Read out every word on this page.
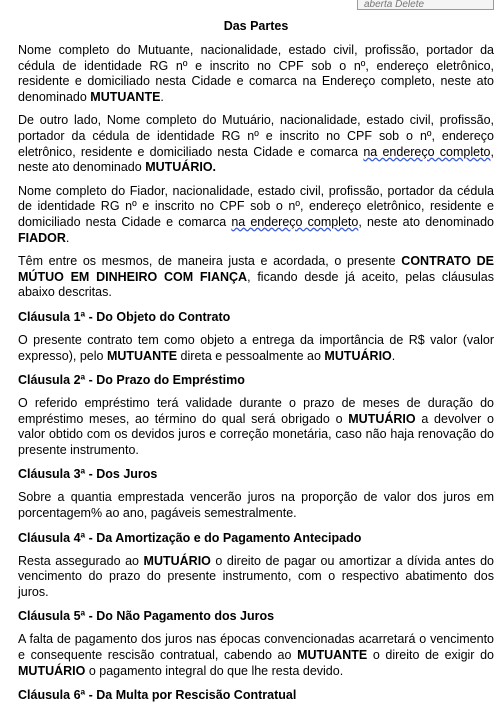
aberta Delete
Das Partes

Nome completo do Mutuante, nacionalidade, estado civil, profissão, portador da cédula de identidade RG nº e inscrito no CPF sob o nº, endereço eletrônico, residente e domiciliado nesta Cidade e comarca na Endereço completo, neste ato denominado MUTUANTE.

De outro lado, Nome completo do Mutuário, nacionalidade, estado civil, profissão, portador da cédula de identidade RG nº e inscrito no CPF sob o nº, endereço eletrônico, residente e domiciliado nesta Cidade e comarca na endereço completo, neste ato denominado MUTUÁRIO.

Nome completo do Fiador, nacionalidade, estado civil, profissão, portador da cédula de identidade RG nº e inscrito no CPF sob o nº, endereço eletrônico, residente e domiciliado nesta Cidade e comarca na endereço completo, neste ato denominado FIADOR.

Têm entre os mesmos, de maneira justa e acordada, o presente CONTRATO DE MÚTUO EM DINHEIRO COM FIANÇA, ficando desde já aceito, pelas cláusulas abaixo descritas.

Cláusula 1ª - Do Objeto do Contrato

O presente contrato tem como objeto a entrega da importância de R$ valor (valor expresso), pelo MUTUANTE direta e pessoalmente ao MUTUÁRIO.

Cláusula 2ª - Do Prazo do Empréstimo

O referido empréstimo terá validade durante o prazo de meses de duração do empréstimo meses, ao término do qual será obrigado o MUTUÁRIO a devolver o valor obtido com os devidos juros e correção monetária, caso não haja renovação do presente instrumento.

Cláusula 3ª - Dos Juros

Sobre a quantia emprestada vencerão juros na proporção de valor dos juros em porcentagem% ao ano, pagáveis semestralmente.

Cláusula 4ª - Da Amortização e do Pagamento Antecipado

Resta assegurado ao MUTUÁRIO o direito de pagar ou amortizar a dívida antes do vencimento do prazo do presente instrumento, com o respectivo abatimento dos juros.

Cláusula 5ª - Do Não Pagamento dos Juros

A falta de pagamento dos juros nas épocas convencionadas acarretará o vencimento e consequente rescisão contratual, cabendo ao MUTUANTE o direito de exigir do MUTUÁRIO o pagamento integral do que lhe resta devido.

Cláusula 6ª - Da Multa por Rescisão Contratual
